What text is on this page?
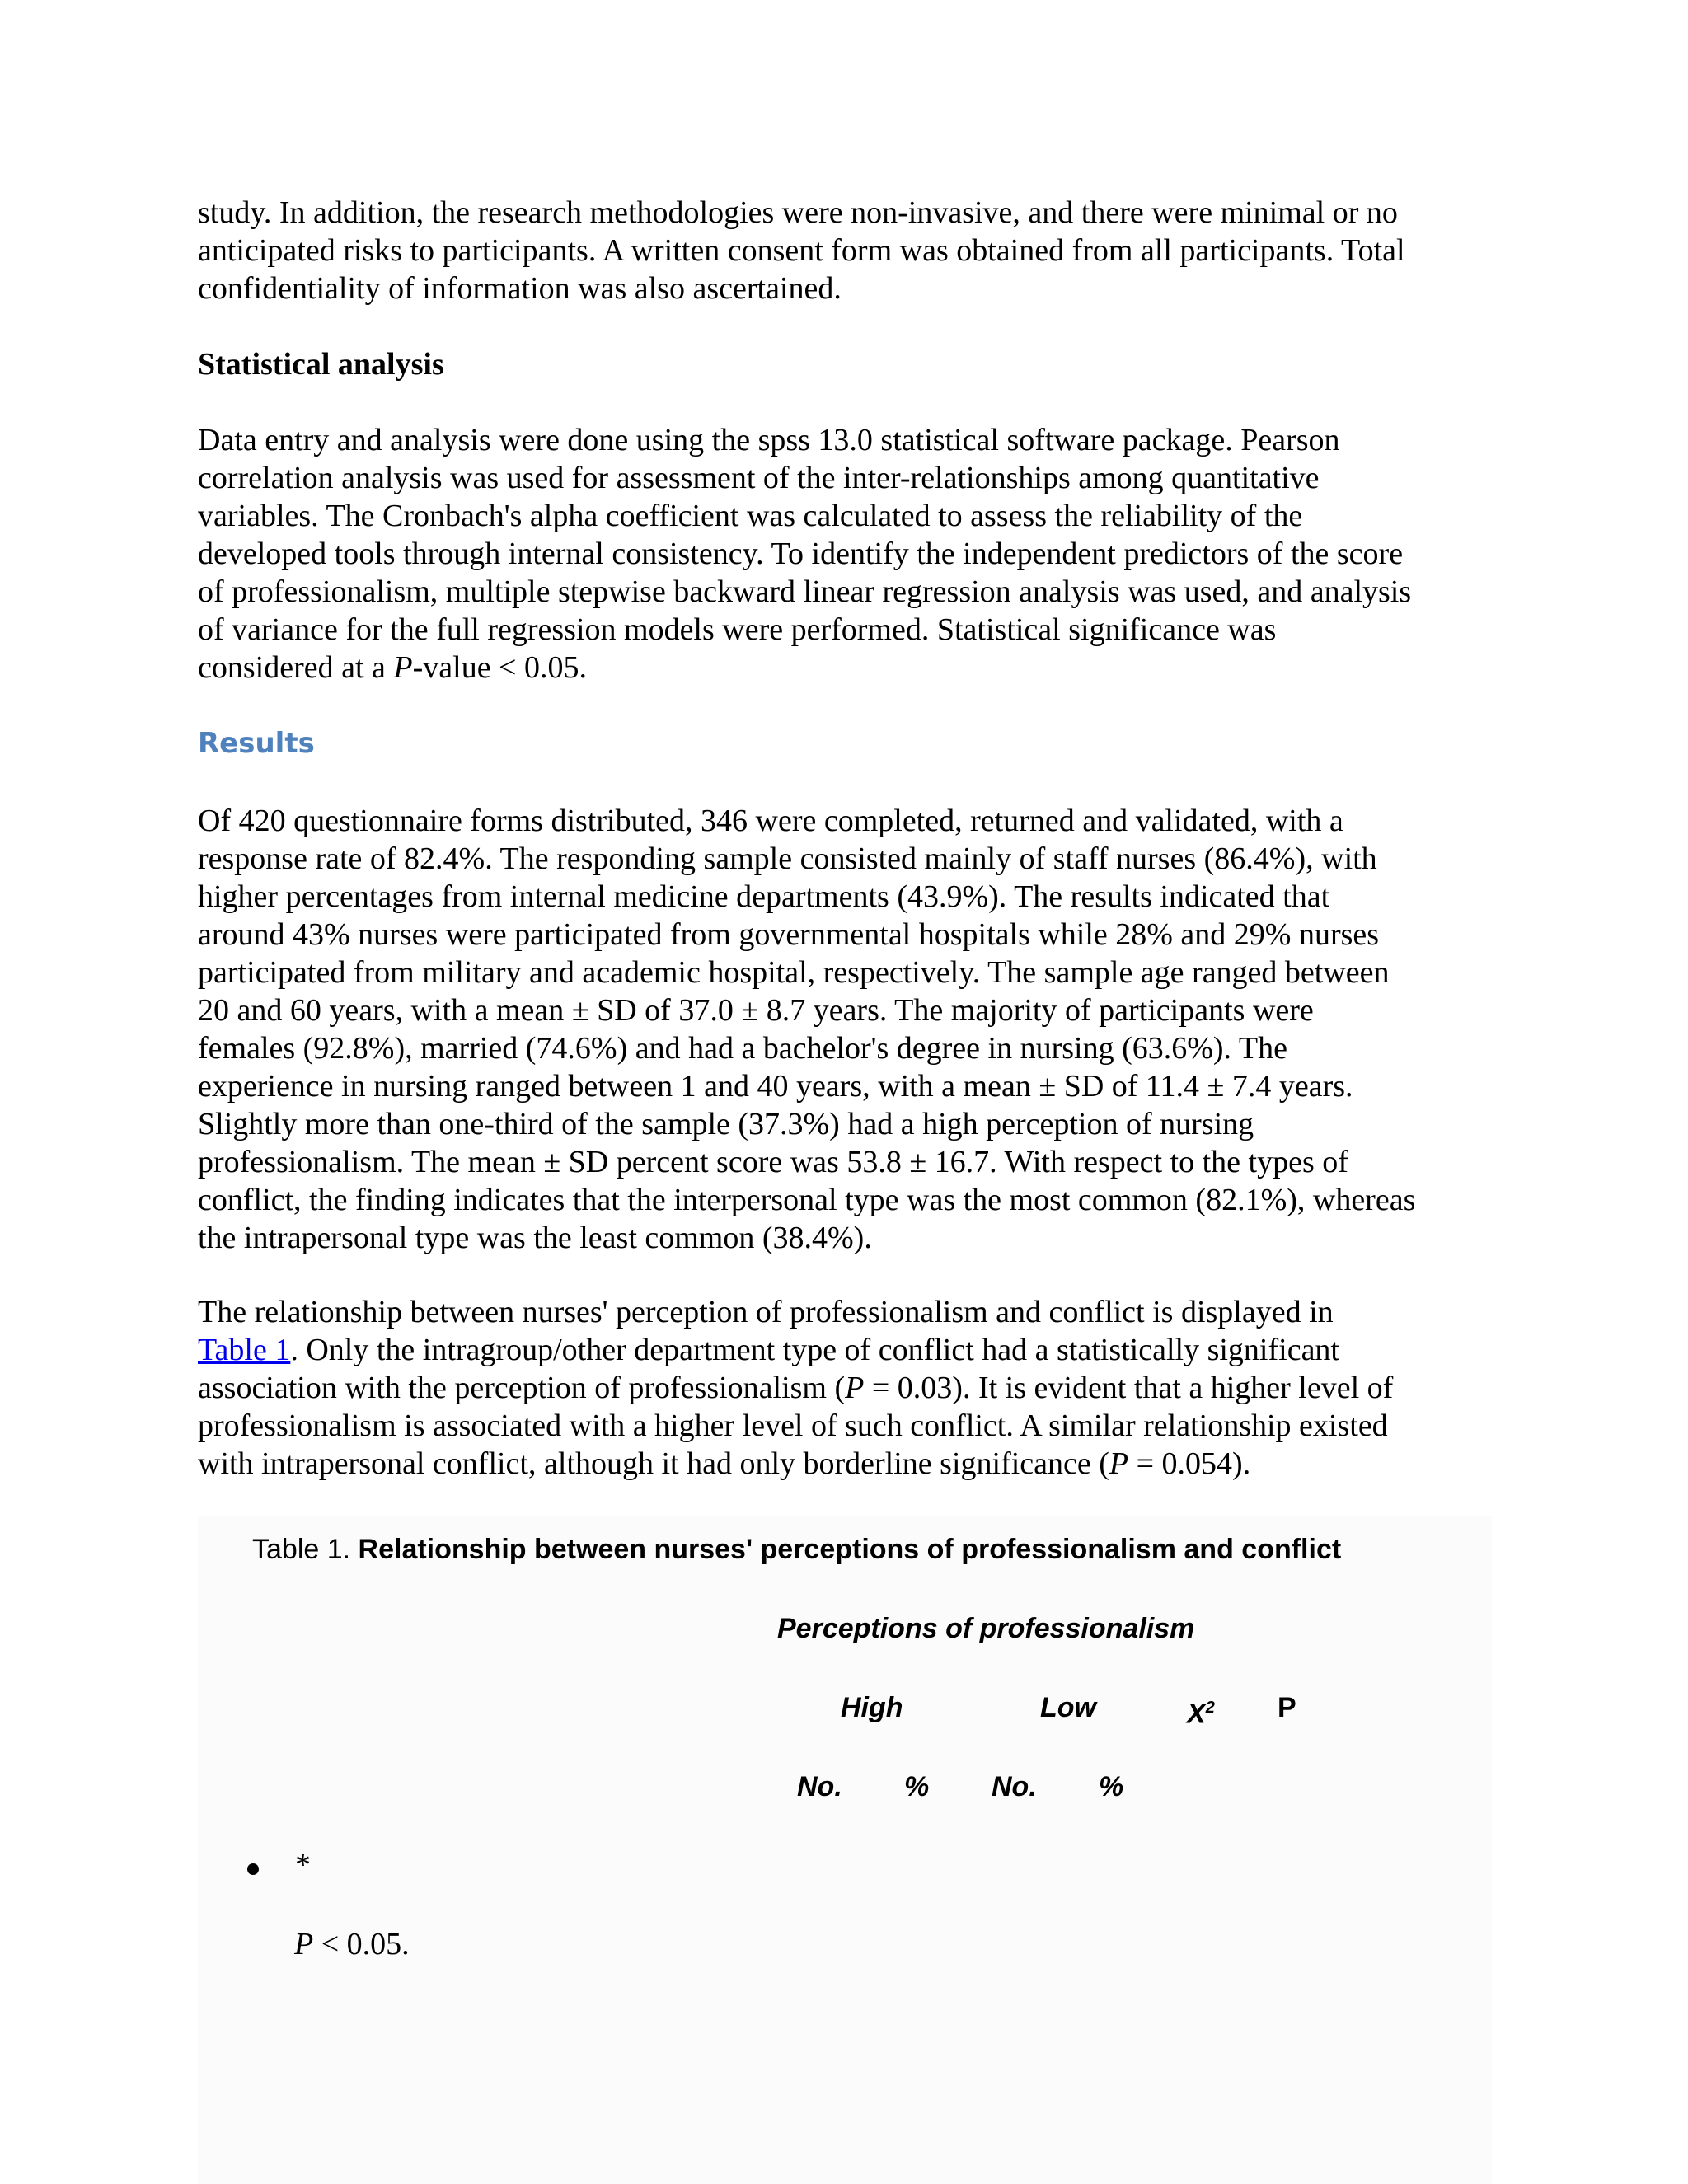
study. In addition, the research methodologies were non-invasive, and there were minimal or no
anticipated risks to participants. A written consent form was obtained from all participants. Total
confidentiality of information was also ascertained.
Statistical analysis
Data entry and analysis were done using the spss 13.0 statistical software package. Pearson
correlation analysis was used for assessment of the inter-relationships among quantitative
variables. The Cronbach's alpha coefficient was calculated to assess the reliability of the
developed tools through internal consistency. To identify the independent predictors of the score
of professionalism, multiple stepwise backward linear regression analysis was used, and analysis
of variance for the full regression models were performed. Statistical significance was
considered at a P-value < 0.05.
Results
Of 420 questionnaire forms distributed, 346 were completed, returned and validated, with a
response rate of 82.4%. The responding sample consisted mainly of staff nurses (86.4%), with
higher percentages from internal medicine departments (43.9%). The results indicated that
around 43% nurses were participated from governmental hospitals while 28% and 29% nurses
participated from military and academic hospital, respectively. The sample age ranged between
20 and 60 years, with a mean ± SD of 37.0 ± 8.7 years. The majority of participants were
females (92.8%), married (74.6%) and had a bachelor's degree in nursing (63.6%). The
experience in nursing ranged between 1 and 40 years, with a mean ± SD of 11.4 ± 7.4 years.
Slightly more than one-third of the sample (37.3%) had a high perception of nursing
professionalism. The mean ± SD percent score was 53.8 ± 16.7. With respect to the types of
conflict, the finding indicates that the interpersonal type was the most common (82.1%), whereas
the intrapersonal type was the least common (38.4%).
The relationship between nurses' perception of professionalism and conflict is displayed in
Table 1. Only the intragroup/other department type of conflict had a statistically significant
association with the perception of professionalism (P = 0.03). It is evident that a higher level of
professionalism is associated with a higher level of such conflict. A similar relationship existed
with intrapersonal conflict, although it had only borderline significance (P = 0.054).

Table 1. Relationship between nurses' perceptions of professionalism and conflict

Perceptions of professionalism

High	Low	$X^2$ P

No. % No. %

*
P < 0.05.
